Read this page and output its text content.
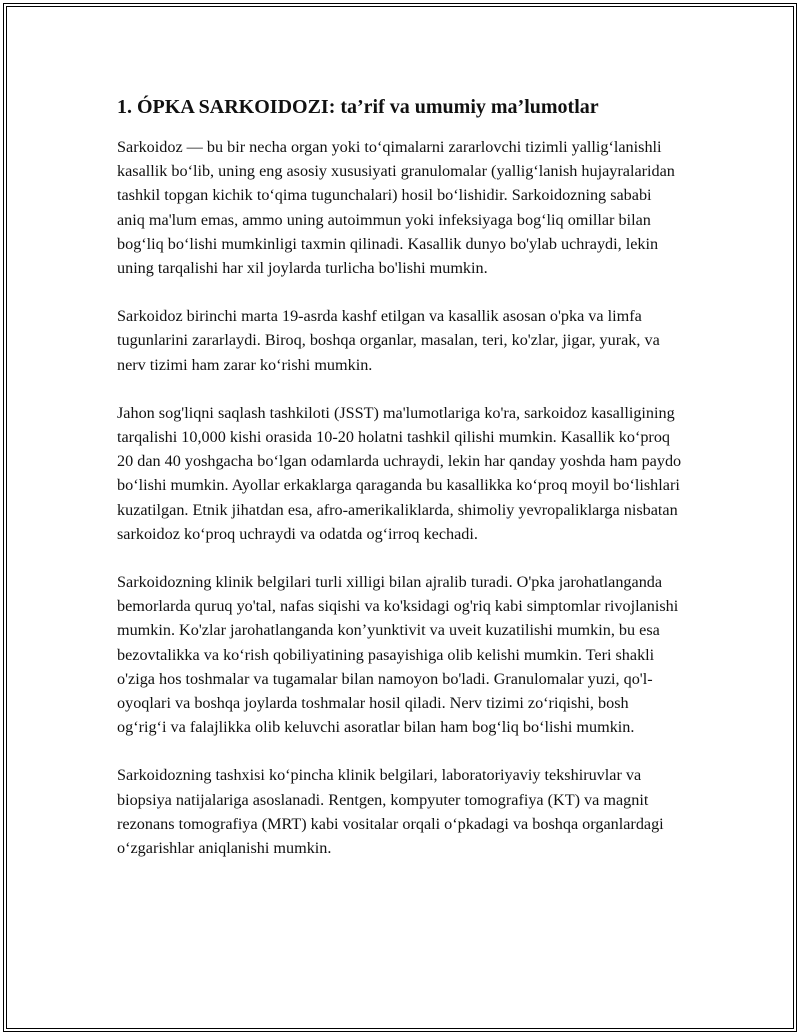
1. ÓPKA SARKOIDOZI: ta’rif va umumiy ma’lumotlar

Sarkoidoz — bu bir necha organ yoki to‘qimalarni zararlovchi tizimli yallig‘lanishli kasallik bo‘lib, uning eng asosiy xususiyati granulomalar (yallig‘lanish hujayralaridan tashkil topgan kichik to‘qima tugunchalari) hosil bo‘lishidir. Sarkoidozning sababi aniq ma'lum emas, ammo uning autoimmun yoki infeksiyaga bog‘liq omillar bilan bog‘liq bo‘lishi mumkinligi taxmin qilinadi. Kasallik dunyo bo'ylab uchraydi, lekin uning tarqalishi har xil joylarda turlicha bo'lishi mumkin.

Sarkoidoz birinchi marta 19-asrda kashf etilgan va kasallik asosan o'pka va limfa tugunlarini zararlaydi. Biroq, boshqa organlar, masalan, teri, ko'zlar, jigar, yurak, va nerv tizimi ham zarar ko‘rishi mumkin.

Jahon sog'liqni saqlash tashkiloti (JSST) ma'lumotlariga ko'ra, sarkoidoz kasalligining tarqalishi 10,000 kishi orasida 10-20 holatni tashkil qilishi mumkin. Kasallik ko‘proq 20 dan 40 yoshgacha bo‘lgan odamlarda uchraydi, lekin har qanday yoshda ham paydo bo‘lishi mumkin. Ayollar erkaklarga qaraganda bu kasallikka ko‘proq moyil bo‘lishlari kuzatilgan. Etnik jihatdan esa, afro-amerikaliklarda, shimoliy yevropaliklarga nisbatan sarkoidoz ko‘proq uchraydi va odatda og‘irroq kechadi.

Sarkoidozning klinik belgilari turli xilligi bilan ajralib turadi. O'pka jarohatlanganda bemorlarda quruq yo'tal, nafas siqishi va ko'ksidagi og'riq kabi simptomlar rivojlanishi mumkin. Ko'zlar jarohatlanganda kon’yunktivit va uveit kuzatilishi mumkin, bu esa bezovtalikka va ko‘rish qobiliyatining pasayishiga olib kelishi mumkin. Teri shakli o'ziga hos toshmalar va tugamalar bilan namoyon bo'ladi. Granulomalar yuzi, qo'l-oyoqlari va boshqa joylarda toshmalar hosil qiladi. Nerv tizimi zo‘riqishi, bosh og‘rig‘i va falajlikka olib keluvchi asoratlar bilan ham bog‘liq bo‘lishi mumkin.

Sarkoidozning tashxisi ko‘pincha klinik belgilari, laboratoriyaviy tekshiruvlar va biopsiya natijalariga asoslanadi. Rentgen, kompyuter tomografiya (KT) va magnit rezonans tomografiya (MRT) kabi vositalar orqali o‘pkadagi va boshqa organlardagi o‘zgarishlar aniqlanishi mumkin.
